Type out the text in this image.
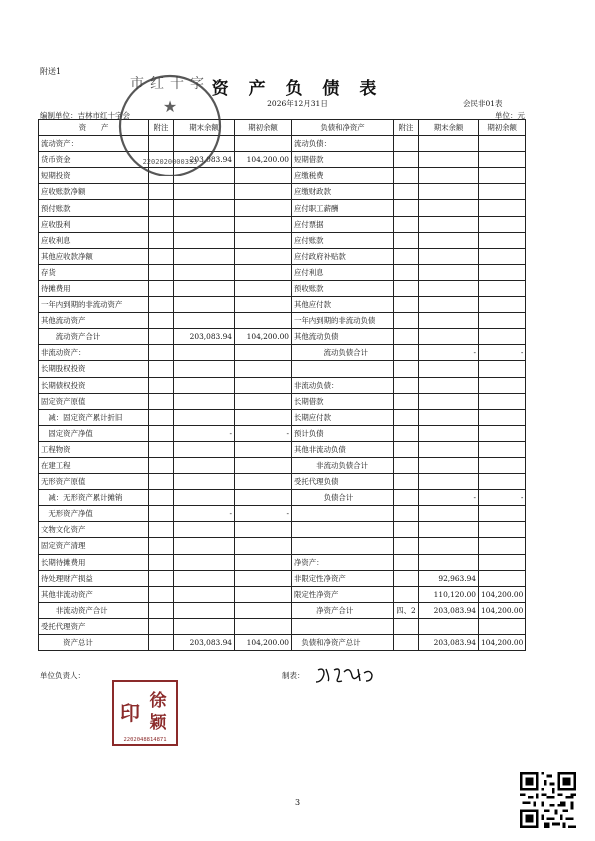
附送1
资 产 负 债 表
2026年12月31日	会民非01表
编制单位：吉林市红十字会	单位：元
资　　产	附注	期末余额	期初余额	负债和净资产	附注	期末余额	期初余额
流动资产：				流动负债：			
货币资金		203,083.94	104,200.00	短期借款			
短期投资				应缴税费			
应收账款净额				应缴财政款			
预付账款				应付职工薪酬			
应收股利				应付票据			
应收利息				应付账款			
其他应收款净额				应付政府补贴款			
存货				应付利息			
待摊费用				预收账款			
一年内到期的非流动资产				其他应付款			
其他流动资产				一年内到期的非流动负债			
　　流动资产合计		203,083.94	104,200.00	其他流动负债			
非流动资产：				　　　　流动负债合计		-	-
长期股权投资							
长期债权投资				非流动负债：			
固定资产原值				长期借款			
　减：固定资产累计折旧				长期应付款			
　固定资产净值		-	-	预计负债			
工程物资				其他非流动负债			
在建工程				　　　非流动负债合计			
无形资产原值				受托代理负债			
　减：无形资产累计摊销				　　　　负债合计		-	-
　无形资产净值		-	-				
文物文化资产							
固定资产清理							
长期待摊费用				净资产：			
待处理财产损益				非限定性净资产		92,963.94	
其他非流动资产				限定性净资产		110,120.00	104,200.00
　　非流动资产合计				　　　净资产合计	四、2	203,083.94	104,200.00
受托代理资产							
　　　资产总计		203,083.94	104,200.00	　负债和净资产总计		203,083.94	104,200.00
单位负责人：	制表：
市红十字
★
2202020000353
印 徐
颖
2202048814871
3
